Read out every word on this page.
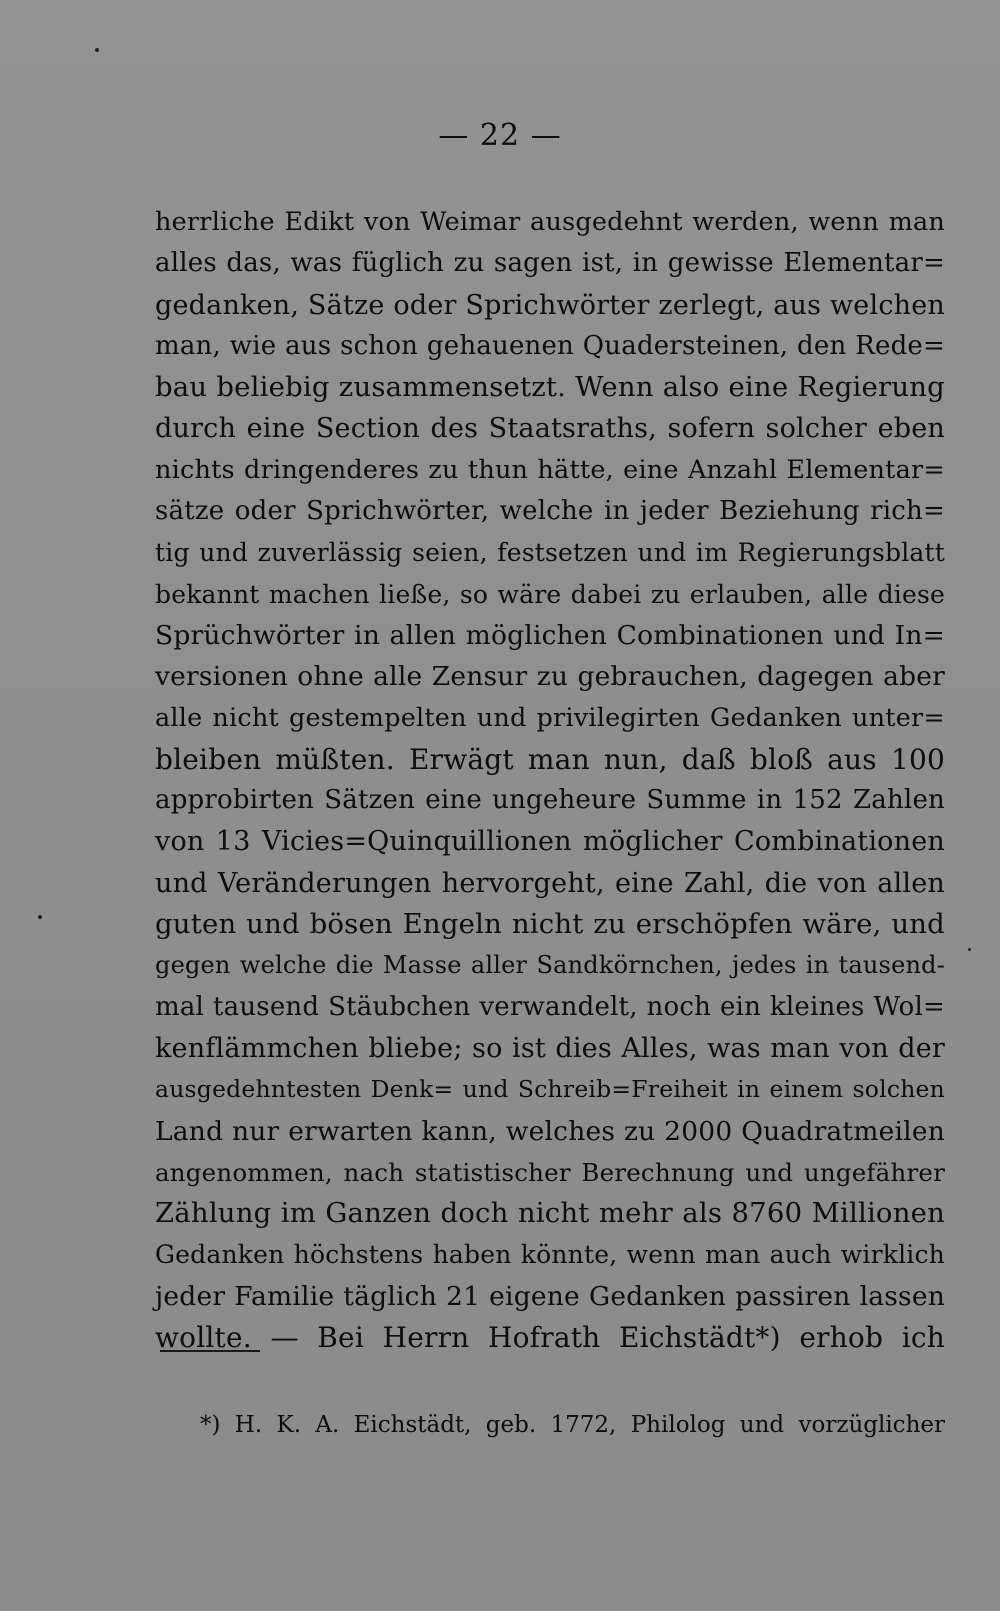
— 22 —
herrliche Edikt von Weimar ausgedehnt werden, wenn man
alles das, was füglich zu sagen ist, in gewisse Elementar=
gedanken, Sätze oder Sprichwörter zerlegt, aus welchen
man, wie aus schon gehauenen Quadersteinen, den Rede=
bau beliebig zusammensetzt. Wenn also eine Regierung
durch eine Section des Staatsraths, sofern solcher eben
nichts dringenderes zu thun hätte, eine Anzahl Elementar=
sätze oder Sprichwörter, welche in jeder Beziehung rich=
tig und zuverlässig seien, festsetzen und im Regierungsblatt
bekannt machen ließe, so wäre dabei zu erlauben, alle diese
Sprüchwörter in allen möglichen Combinationen und In=
versionen ohne alle Zensur zu gebrauchen, dagegen aber
alle nicht gestempelten und privilegirten Gedanken unter=
bleiben müßten. Erwägt man nun, daß bloß aus 100
approbirten Sätzen eine ungeheure Summe in 152 Zahlen
von 13 Vicies=Quinquillionen möglicher Combinationen
und Veränderungen hervorgeht, eine Zahl, die von allen
guten und bösen Engeln nicht zu erschöpfen wäre, und
gegen welche die Masse aller Sandkörnchen, jedes in tausend-
mal tausend Stäubchen verwandelt, noch ein kleines Wol=
kenflämmchen bliebe; so ist dies Alles, was man von der
ausgedehntesten Denk= und Schreib=Freiheit in einem solchen
Land nur erwarten kann, welches zu 2000 Quadratmeilen
angenommen, nach statistischer Berechnung und ungefährer
Zählung im Ganzen doch nicht mehr als 8760 Millionen
Gedanken höchstens haben könnte, wenn man auch wirklich
jeder Familie täglich 21 eigene Gedanken passiren lassen
wollte. — Bei Herrn Hofrath Eichstädt*) erhob ich
*) H. K. A. Eichstädt, geb. 1772, Philolog und vorzüglicher
